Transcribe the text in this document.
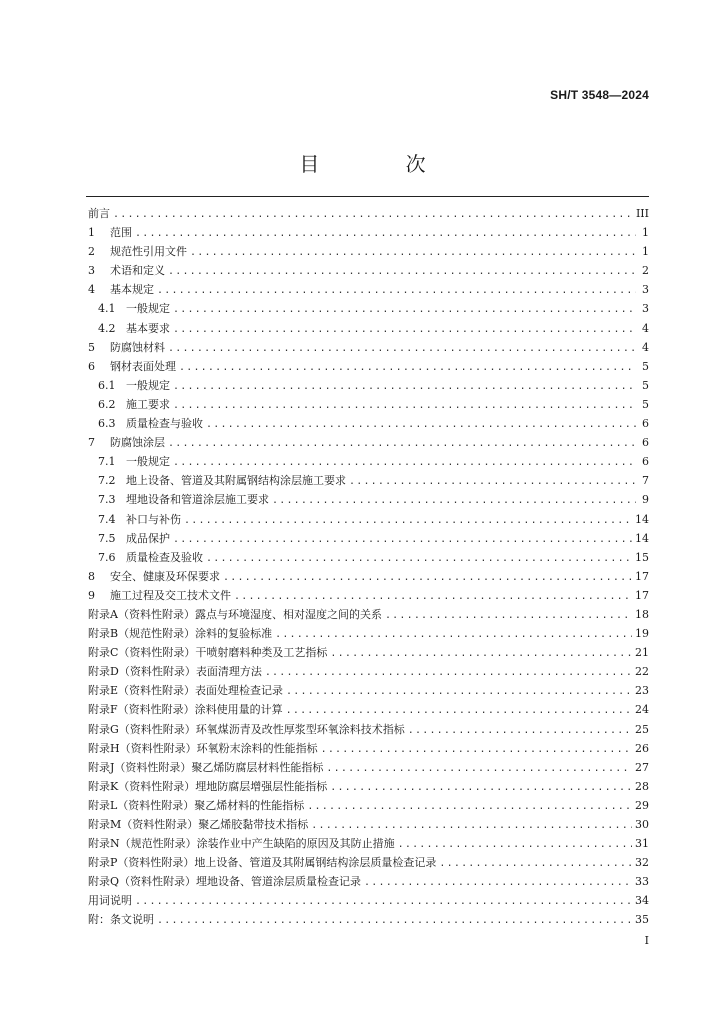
SH/T 3548—2024
目 次
前言 .....	III
1	范围 .....	1
2	规范性引用文件 .....	1
3	术语和定义 .....	2
4	基本规定 .....	3
4.1 一般规定 .....	3
4.2 基本要求 .....	4
5	防腐蚀材料 .....	4
6	钢材表面处理 .....	5
6.1 一般规定 .....	5
6.2 施工要求 .....	5
6.3 质量检查与验收 .....	6
7	防腐蚀涂层 .....	6
7.1 一般规定 .....	6
7.2 地上设备、管道及其附属钢结构涂层施工要求 .....	7
7.3 埋地设备和管道涂层施工要求 .....	9
7.4 补口与补伤 .....	14
7.5 成品保护 .....	14
7.6 质量检查及验收 .....	15
8	安全、健康及环保要求 .....	17
9	施工过程及交工技术文件 .....	17
附录A（资料性附录）露点与环境湿度、相对湿度之间的关系 .....	18
附录B（规范性附录）涂料的复验标准 .....	19
附录C（资料性附录）干喷射磨料种类及工艺指标 .....	21
附录D（资料性附录）表面清理方法 .....	22
附录E（资料性附录）表面处理检查记录 .....	23
附录F（资料性附录）涂料使用量的计算 .....	24
附录G（资料性附录）环氧煤沥青及改性厚浆型环氧涂料技术指标 .....	25
附录H（资料性附录）环氧粉末涂料的性能指标 .....	26
附录J（资料性附录）聚乙烯防腐层材料性能指标 .....	27
附录K（资料性附录）埋地防腐层增强层性能指标 .....	28
附录L（资料性附录）聚乙烯材料的性能指标 .....	29
附录M（资料性附录）聚乙烯胶黏带技术指标 .....	30
附录N（规范性附录）涂装作业中产生缺陷的原因及其防止措施 .....	31
附录P（资料性附录）地上设备、管道及其附属钢结构涂层质量检查记录 .....	32
附录Q（资料性附录）埋地设备、管道涂层质量检查记录 .....	33
用词说明 .....	34
附：条文说明 .....	35
I
